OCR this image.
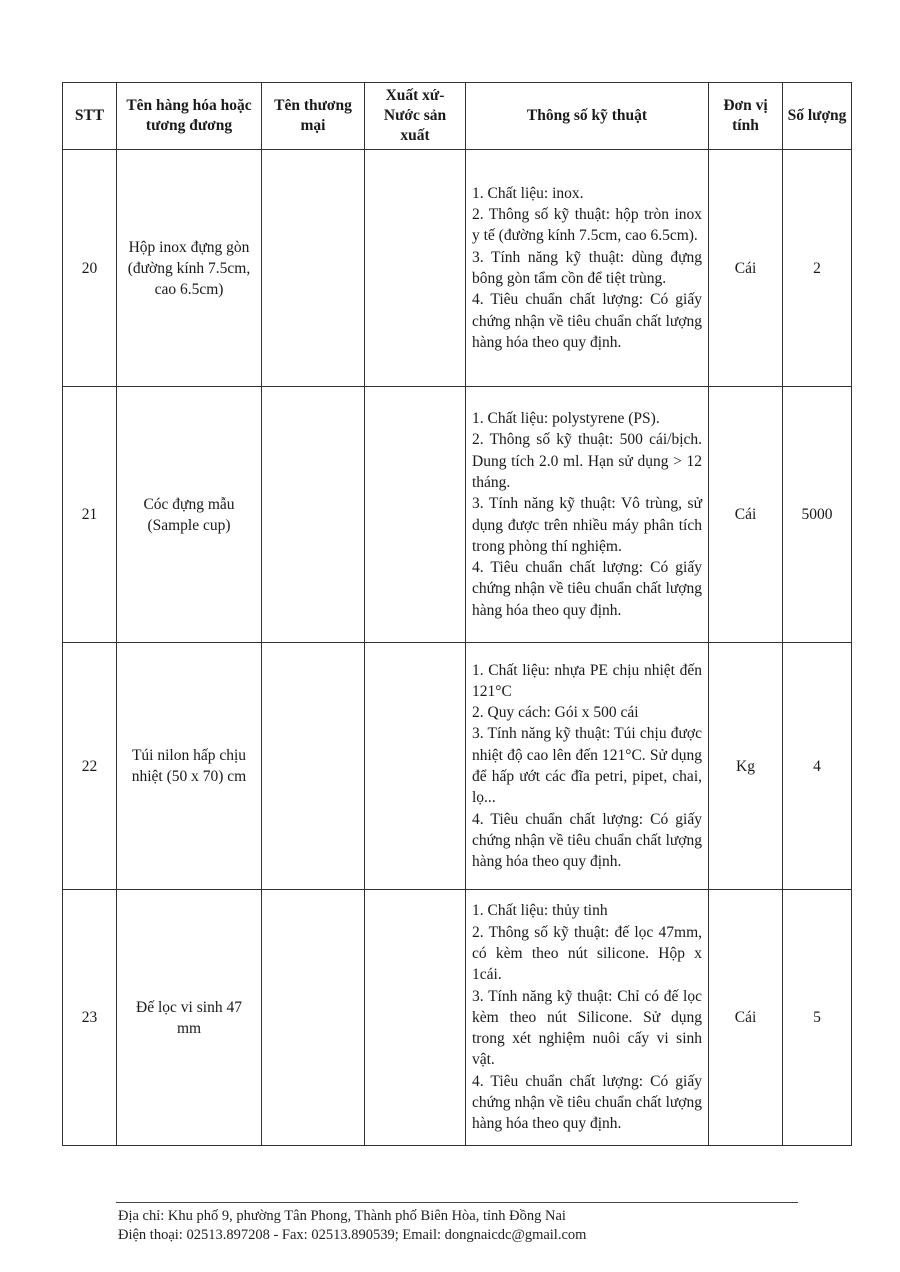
STT	Tên hàng hóa hoặc tương đương	Tên thương mại	Xuất xứ- Nước sản xuất	Thông số kỹ thuật	Đơn vị tính	Số lượng
20	Hộp inox đựng gòn (đường kính 7.5cm, cao 6.5cm)			1. Chất liệu: inox.
2. Thông số kỹ thuật: hộp tròn inox y tế (đường kính 7.5cm, cao 6.5cm).
3. Tính năng kỹ thuật: dùng đựng bông gòn tẩm cồn để tiệt trùng.
4. Tiêu chuẩn chất lượng: Có giấy chứng nhận về tiêu chuẩn chất lượng hàng hóa theo quy định.	Cái	2
21	Cóc đựng mẫu (Sample cup)			1. Chất liệu: polystyrene (PS).
2. Thông số kỹ thuật: 500 cái/bịch. Dung tích 2.0 ml. Hạn sử dụng > 12 tháng.
3. Tính năng kỹ thuật: Vô trùng, sử dụng được trên nhiều máy phân tích trong phòng thí nghiệm.
4. Tiêu chuẩn chất lượng: Có giấy chứng nhận về tiêu chuẩn chất lượng hàng hóa theo quy định.	Cái	5000
22	Túi nilon hấp chịu nhiệt (50 x 70) cm			1. Chất liệu: nhựa PE chịu nhiệt đến 121°C
2. Quy cách: Gói x 500 cái
3. Tính năng kỹ thuật: Túi chịu được nhiệt độ cao lên đến 121°C. Sử dụng để hấp ướt các đĩa petri, pipet, chai, lọ...
4. Tiêu chuẩn chất lượng: Có giấy chứng nhận về tiêu chuẩn chất lượng hàng hóa theo quy định.	Kg	4
23	Đế lọc vi sinh 47 mm			1. Chất liệu: thủy tinh
2. Thông số kỹ thuật: đế lọc 47mm, có kèm theo nút silicone. Hộp x 1cái.
3. Tính năng kỹ thuật: Chỉ có đế lọc kèm theo nút Silicone. Sử dụng trong xét nghiệm nuôi cấy vi sinh vật.
4. Tiêu chuẩn chất lượng: Có giấy chứng nhận về tiêu chuẩn chất lượng hàng hóa theo quy định.	Cái	5
Địa chỉ: Khu phố 9, phường Tân Phong, Thành phố Biên Hòa, tỉnh Đồng Nai
Điện thoại: 02513.897208 - Fax: 02513.890539; Email: dongnaicdc@gmail.com
